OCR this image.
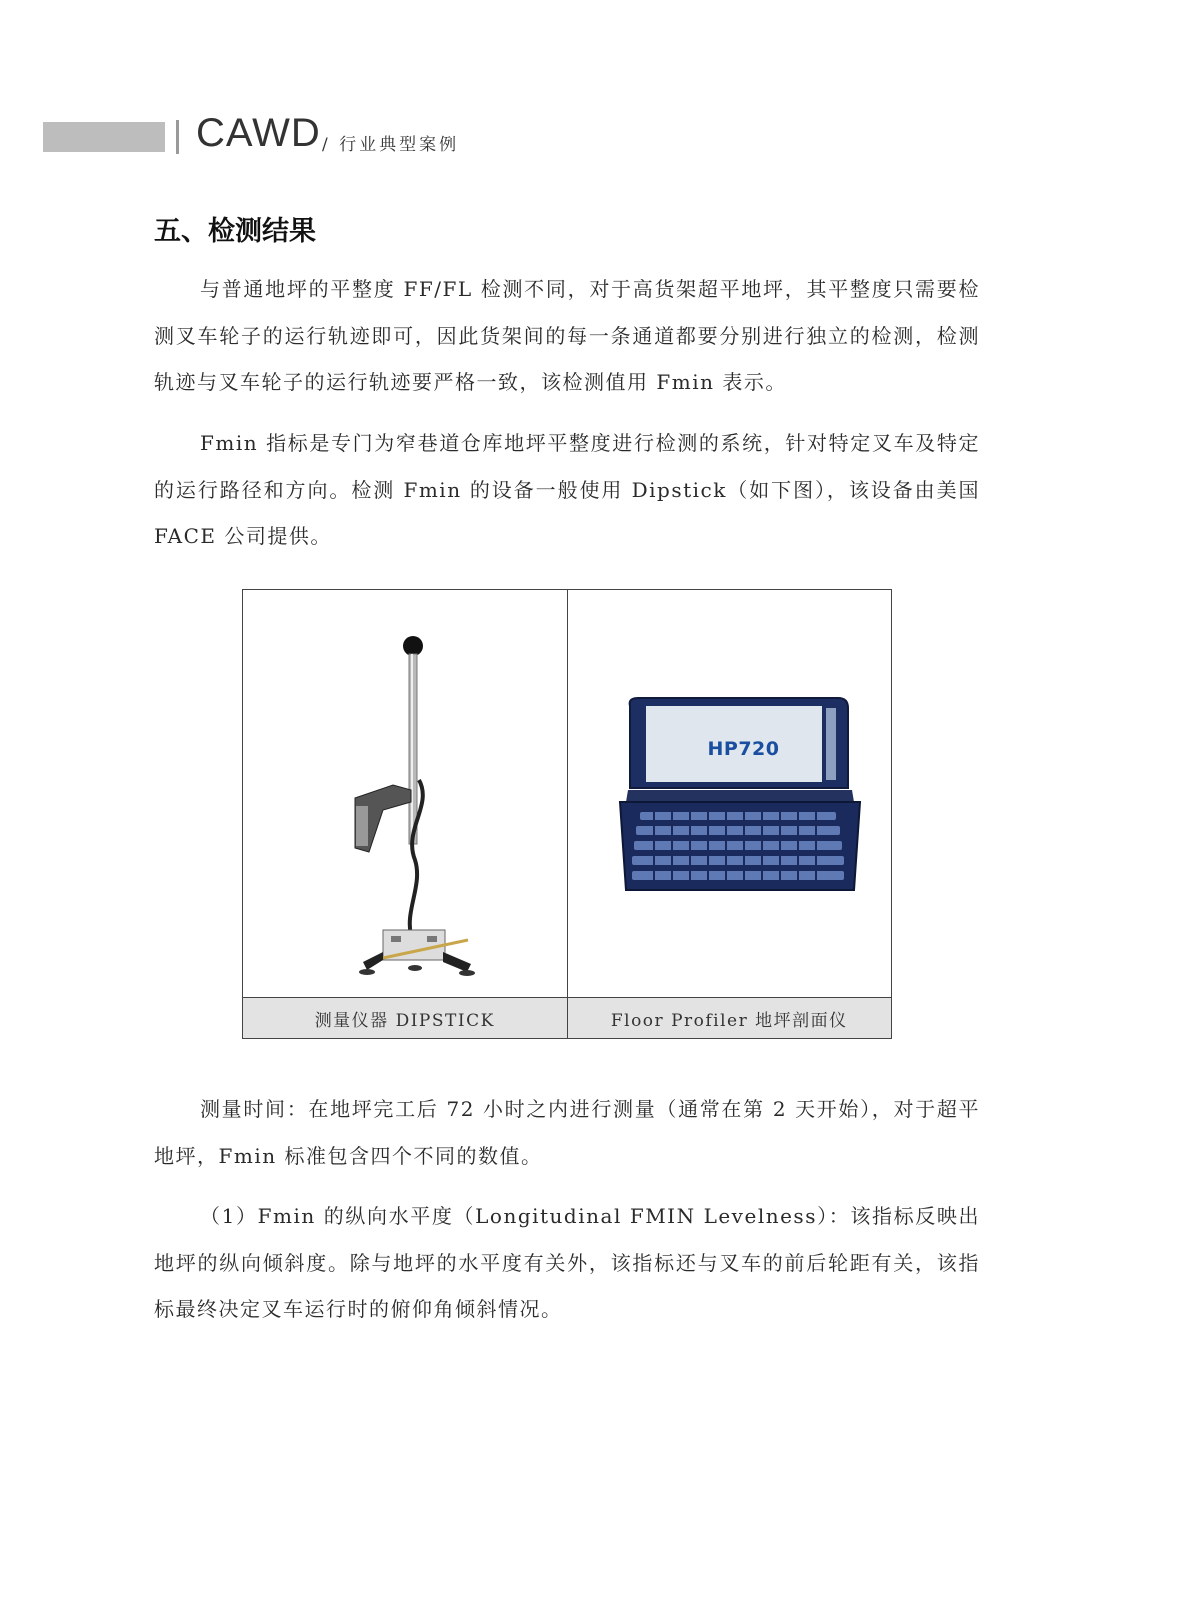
CAWD / 行业典型案例
五、检测结果

与普通地坪的平整度 FF/FL 检测不同，对于高货架超平地坪，其平整度只需要检测叉车轮子的运行轨迹即可，因此货架间的每一条通道都要分别进行独立的检测，检测轨迹与叉车轮子的运行轨迹要严格一致，该检测值用 Fmin 表示。

Fmin 指标是专门为窄巷道仓库地坪平整度进行检测的系统，针对特定叉车及特定的运行路径和方向。检测 Fmin 的设备一般使用 Dipstick（如下图），该设备由美国 FACE 公司提供。

测量仪器 DIPSTICK
HP720
Floor Profiler 地坪剖面仪

测量时间：在地坪完工后 72 小时之内进行测量（通常在第 2 天开始），对于超平地坪，Fmin 标准包含四个不同的数值。

（1）Fmin 的纵向水平度（Longitudinal FMIN Levelness）：该指标反映出地坪的纵向倾斜度。除与地坪的水平度有关外，该指标还与叉车的前后轮距有关，该指标最终决定叉车运行时的俯仰角倾斜情况。
